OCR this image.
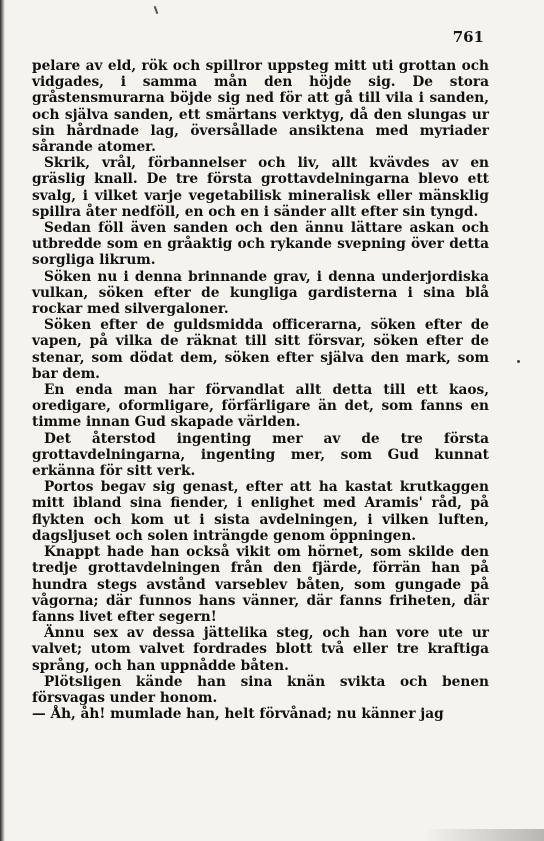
761

pelare av eld, rök och spillror uppsteg mitt uti grottan och vidgades, i samma mån den höjde sig. De stora gråstensmurarna böjde sig ned för att gå till vila i sanden, och själva sanden, ett smärtans verktyg, då den slungas ur sin hårdnade lag, översållade ansiktena med myriader sårande atomer.

Skrik, vrål, förbannelser och liv, allt kvävdes av en gräslig knall. De tre första grottavdelningarna blevo ett svalg, i vilket varje vegetabilisk mineralisk eller mänsklig spillra åter nedföll, en och en i sänder allt efter sin tyngd.

Sedan föll även sanden och den ännu lättare askan och utbredde som en gråaktig och rykande svepning över detta sorgliga likrum.

Söken nu i denna brinnande grav, i denna underjordiska vulkan, söken efter de kungliga gardisterna i sina blå rockar med silvergaloner.

Söken efter de guldsmidda officerarna, söken efter de vapen, på vilka de räknat till sitt försvar, söken efter de stenar, som dödat dem, söken efter själva den mark, som bar dem.

En enda man har förvandlat allt detta till ett kaos, oredigare, oformligare, förfärligare än det, som fanns en timme innan Gud skapade världen.

Det återstod ingenting mer av de tre första grottavdelningarna, ingenting mer, som Gud kunnat erkänna för sitt verk.

Portos begav sig genast, efter att ha kastat krutkaggen mitt ibland sina fiender, i enlighet med Aramis' råd, på flykten och kom ut i sista avdelningen, i vilken luften, dagsljuset och solen inträngde genom öppningen.

Knappt hade han också vikit om hörnet, som skilde den tredje grottavdelningen från den fjärde, förrän han på hundra stegs avstånd varseblev båten, som gungade på vågorna; där funnos hans vänner, där fanns friheten, där fanns livet efter segern!

Ännu sex av dessa jättelika steg, och han vore ute ur valvet; utom valvet fordrades blott två eller tre kraftiga språng, och han uppnådde båten.

Plötsligen kände han sina knän svikta och benen försvagas under honom.

— Åh, åh! mumlade han, helt förvånad; nu känner jag
